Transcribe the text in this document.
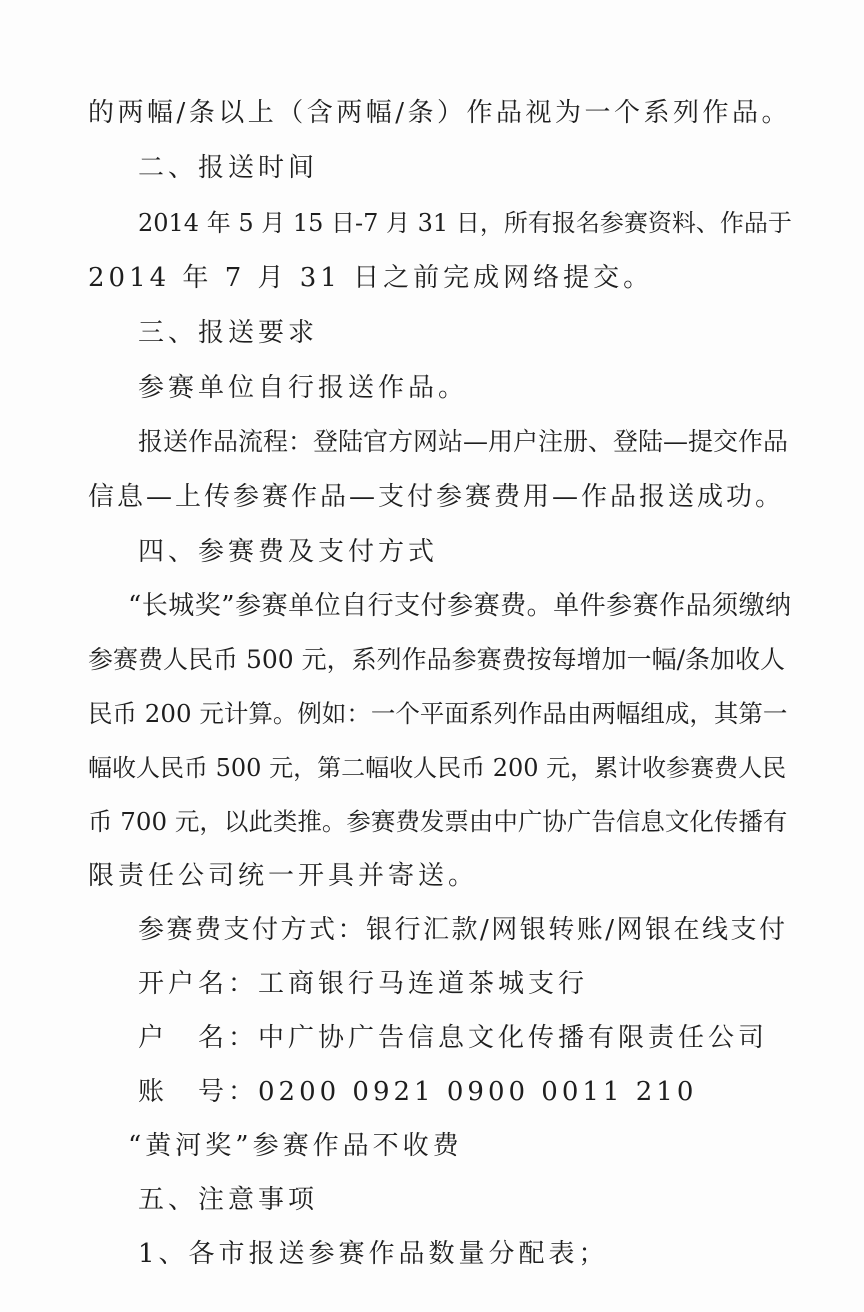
的两幅/条以上（含两幅/条）作品视为一个系列作品。
二、报送时间
2014 年 5 月 15 日-7 月 31 日，所有报名参赛资料、作品于
2014 年 7 月 31 日之前完成网络提交。
三、报送要求
参赛单位自行报送作品。
报送作品流程：登陆官方网站—用户注册、登陆—提交作品
信息—上传参赛作品—支付参赛费用—作品报送成功。
四、参赛费及支付方式
“长城奖”参赛单位自行支付参赛费。单件参赛作品须缴纳
参赛费人民币 500 元，系列作品参赛费按每增加一幅/条加收人
民币 200 元计算。例如：一个平面系列作品由两幅组成，其第一
幅收人民币 500 元，第二幅收人民币 200 元，累计收参赛费人民
币 700 元，以此类推。参赛费发票由中广协广告信息文化传播有
限责任公司统一开具并寄送。
参赛费支付方式：银行汇款/网银转账/网银在线支付
开户名：工商银行马连道茶城支行
户　名：中广协广告信息文化传播有限责任公司
账　号：0200 0921 0900 0011 210
“黄河奖”参赛作品不收费
五、注意事项
1、各市报送参赛作品数量分配表；
